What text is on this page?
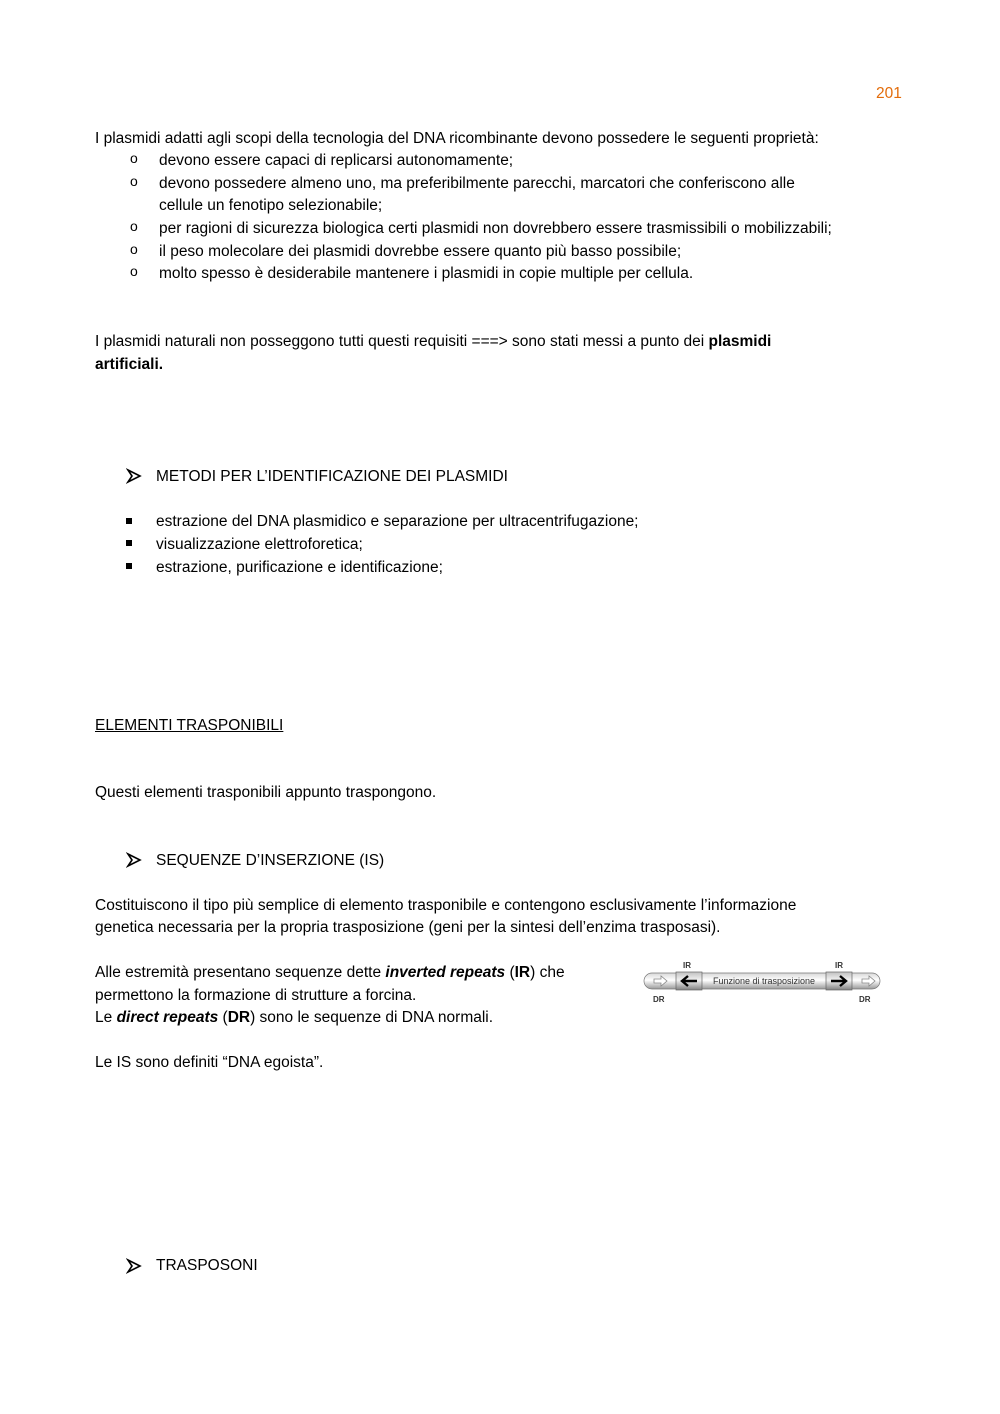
201
I plasmidi adatti agli scopi della tecnologia del DNA ricombinante devono possedere le seguenti proprietà:
o devono essere capaci di replicarsi autonomamente;
o devono possedere almeno uno, ma preferibilmente parecchi, marcatori che conferiscono alle
cellule un fenotipo selezionabile;
o per ragioni di sicurezza biologica certi plasmidi non dovrebbero essere trasmissibili o mobilizzabili;
o il peso molecolare dei plasmidi dovrebbe essere quanto più basso possibile;
o molto spesso è desiderabile mantenere i plasmidi in copie multiple per cellula.
I plasmidi naturali non posseggono tutti questi requisiti ===> sono stati messi a punto dei plasmidi
artificiali.
METODI PER L’IDENTIFICAZIONE DEI PLASMIDI
estrazione del DNA plasmidico e separazione per ultracentrifugazione;
visualizzazione elettroforetica;
estrazione, purificazione e identificazione;
ELEMENTI TRASPONIBILI
Questi elementi trasponibili appunto traspongono.
SEQUENZE D’INSERZIONE (IS)
Costituiscono il tipo più semplice di elemento trasponibile e contengono esclusivamente l’informazione
genetica necessaria per la propria trasposizione (geni per la sintesi dell’enzima trasposasi).
Alle estremità presentano sequenze dette inverted repeats (IR) che
permettono la formazione di strutture a forcina.
Le direct repeats (DR) sono le sequenze di DNA normali.
IR	IR
DR	DR
Funzione di trasposizione
Le IS sono definiti “DNA egoista”.
TRASPOSONI
